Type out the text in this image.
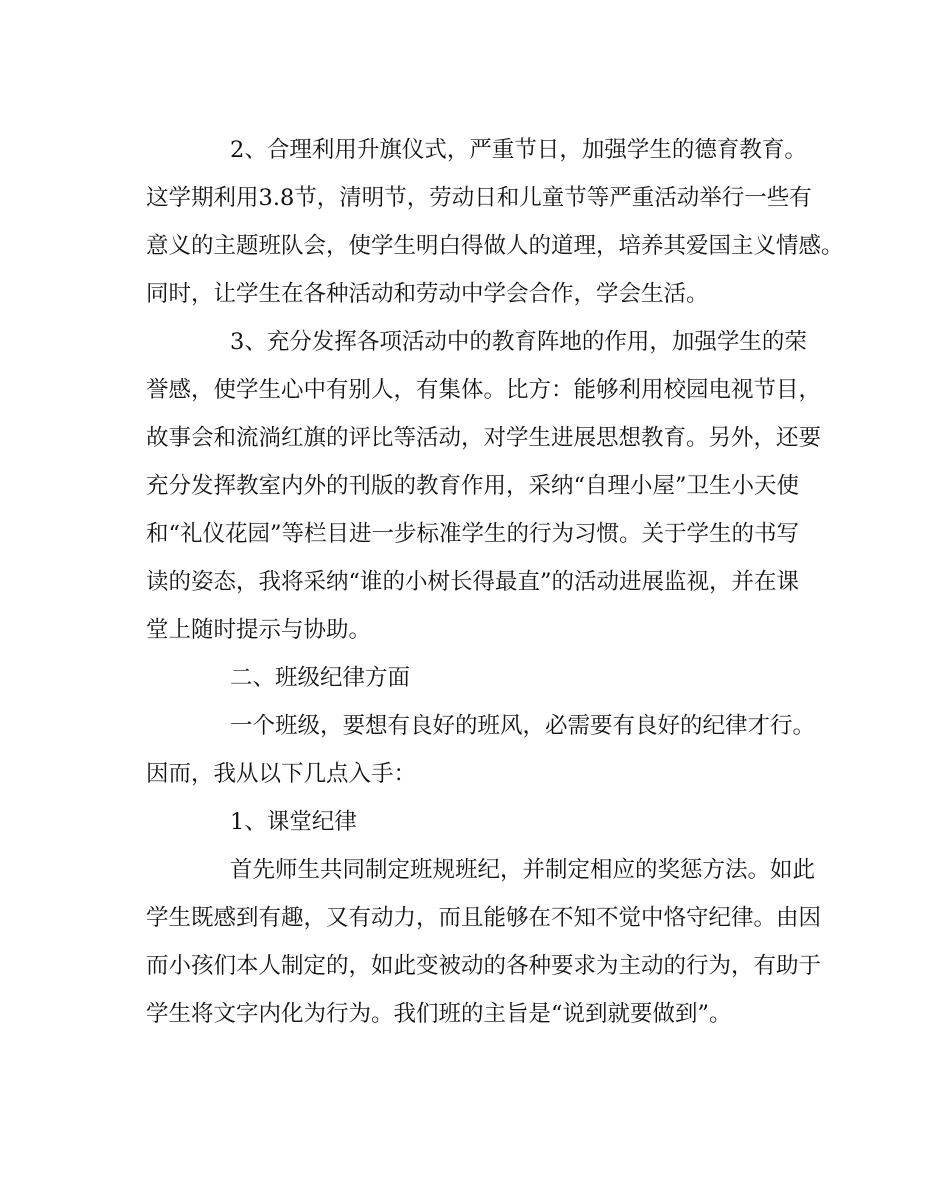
2、合理利用升旗仪式，严重节日，加强学生的德育教育。
这学期利用3.8节，清明节，劳动日和儿童节等严重活动举行一些有
意义的主题班队会，使学生明白得做人的道理，培养其爱国主义情感。
同时，让学生在各种活动和劳动中学会合作，学会生活。
3、充分发挥各项活动中的教育阵地的作用，加强学生的荣
誉感，使学生心中有别人，有集体。比方：能够利用校园电视节目，
故事会和流淌红旗的评比等活动，对学生进展思想教育。另外，还要
充分发挥教室内外的刊版的教育作用，采纳“自理小屋”卫生小天使
和“礼仪花园”等栏目进一步标准学生的行为习惯。关于学生的书写
读的姿态，我将采纳“谁的小树长得最直”的活动进展监视，并在课
堂上随时提示与协助。
二、班级纪律方面
一个班级，要想有良好的班风，必需要有良好的纪律才行。
因而，我从以下几点入手：
1、课堂纪律
首先师生共同制定班规班纪，并制定相应的奖惩方法。如此
学生既感到有趣，又有动力，而且能够在不知不觉中恪守纪律。由因
而小孩们本人制定的，如此变被动的各种要求为主动的行为，有助于
学生将文字内化为行为。我们班的主旨是“说到就要做到”。
